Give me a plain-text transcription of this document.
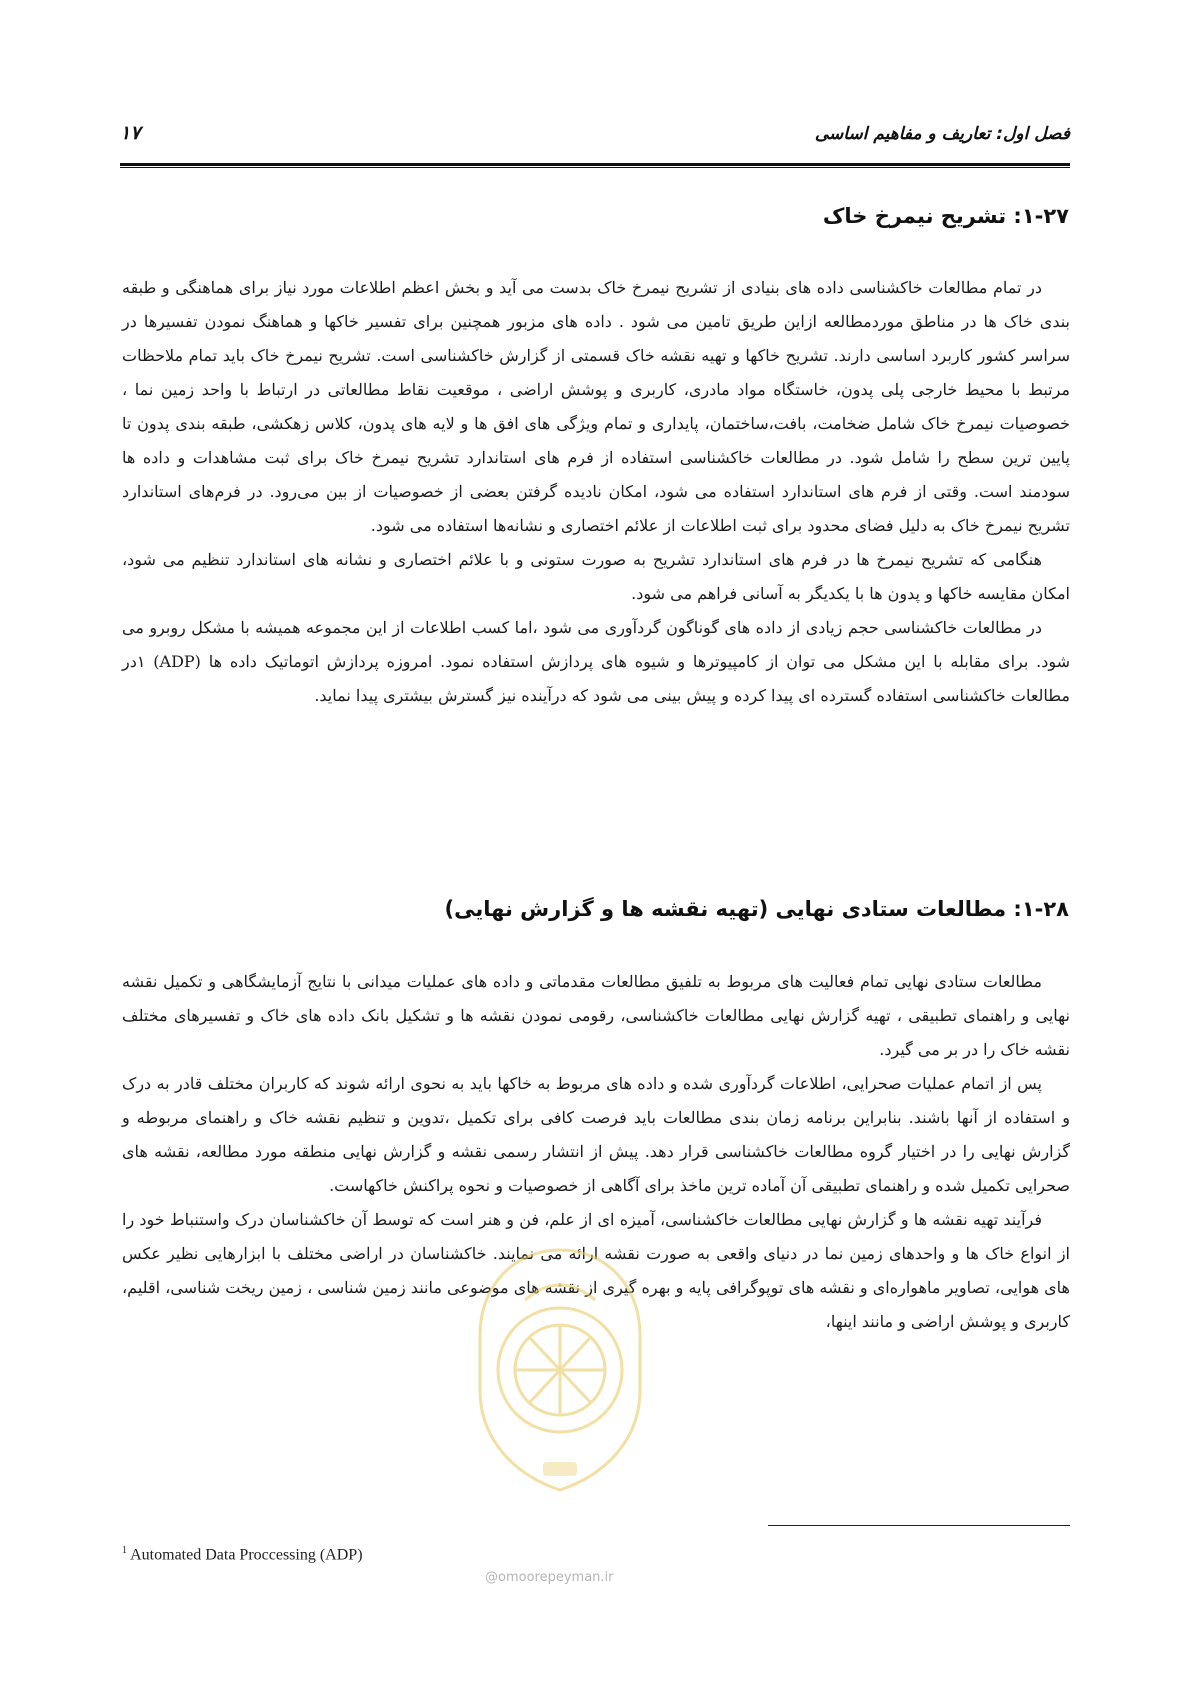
فصل اول: تعاریف و مفاهیم اساسی
۱۷
۱-۲۷: تشریح نیمرخ خاک

در تمام مطالعات خاکشناسی داده های بنیادی از تشریح نیمرخ خاک بدست می آید و بخش اعظم اطلاعات مورد نیاز برای هماهنگی و طبقه بندی خاک ها در مناطق موردمطالعه ازاین طریق تامین می شود . داده های مزبور همچنین برای تفسیر خاکها و هماهنگ نمودن تفسیرها در سراسر کشور کاربرد اساسی دارند. تشریح خاکها و تهیه نقشه خاک قسمتی از گزارش خاکشناسی است. تشریح نیمرخ خاک باید تمام ملاحظات مرتبط با محیط خارجی پلی پدون، خاستگاه مواد مادری، کاربری و پوشش اراضی ، موقعیت نقاط مطالعاتی در ارتباط با واحد زمین نما ، خصوصیات نیمرخ خاک شامل ضخامت، بافت،ساختمان، پایداری و تمام ویژگی های افق ها و لایه های پدون، کلاس زهکشی، طبقه بندی پدون تا پایین ترین سطح را شامل شود. در مطالعات خاکشناسی استفاده از فرم های استاندارد تشریح نیمرخ خاک برای ثبت مشاهدات و داده ها سودمند است. وقتی از فرم های استاندارد استفاده می شود، امکان نادیده گرفتن بعضی از خصوصیات از بین می‌رود. در فرم‌های استاندارد تشریح نیمرخ خاک به دلیل فضای محدود برای ثبت اطلاعات از علائم اختصاری و نشانه‌ها استفاده می شود.

هنگامی که تشریح نیمرخ ها در فرم های استاندارد تشریح به صورت ستونی و با علائم اختصاری و نشانه های استاندارد تنظیم می شود، امکان مقایسه خاکها و پدون ها با یکدیگر به آسانی فراهم می شود.

در مطالعات خاکشناسی حجم زیادی از داده های گوناگون گردآوری می شود ،اما کسب اطلاعات از این مجموعه همیشه با مشکل روبرو می شود. برای مقابله با این مشکل می توان از کامپیوترها و شیوه های پردازش استفاده نمود. امروزه پردازش اتوماتیک داده ها (ADP) ۱در مطالعات خاکشناسی استفاده گسترده ای پیدا کرده و پیش بینی می شود که درآینده نیز گسترش بیشتری پیدا نماید.

۱-۲۸: مطالعات ستادی نهایی (تهیه نقشه ها و گزارش نهایی)

مطالعات ستادی نهایی تمام فعالیت های مربوط به تلفیق مطالعات مقدماتی و داده های عملیات میدانی با نتایج آزمایشگاهی و تکمیل نقشه نهایی و راهنمای تطبیقی ، تهیه گزارش نهایی مطالعات خاکشناسی، رقومی نمودن نقشه ها و تشکیل بانک داده های خاک و تفسیرهای مختلف نقشه خاک را در بر می گیرد.

پس از اتمام عملیات صحرایی، اطلاعات گردآوری شده و داده های مربوط به خاکها باید به نحوی ارائه شوند که کاربران مختلف قادر به درک و استفاده از آنها باشند. بنابراین برنامه زمان بندی مطالعات باید فرصت کافی برای تکمیل ،تدوین و تنظیم نقشه خاک و راهنمای مربوطه و گزارش نهایی را در اختیار گروه مطالعات خاکشناسی قرار دهد. پیش از انتشار رسمی نقشه و گزارش نهایی منطقه مورد مطالعه، نقشه های صحرایی تکمیل شده و راهنمای تطبیقی آن آماده ترین ماخذ برای آگاهی از خصوصیات و نحوه پراکنش خاکهاست.

فرآیند تهیه نقشه ها و گزارش نهایی مطالعات خاکشناسی، آمیزه ای از علم، فن و هنر است که توسط آن خاکشناسان درک واستنباط خود را از انواع خاک ها و واحدهای زمین نما در دنیای واقعی به صورت نقشه ارائه می نمایند. خاکشناسان در اراضی مختلف با ابزارهایی نظیر عکس های هوایی، تصاویر ماهواره‌ای و نقشه های توپوگرافی پایه و بهره گیری از نقشه های موضوعی مانند زمین شناسی ، زمین ریخت شناسی، اقلیم، کاربری و پوشش اراضی و مانند اینها،

@omoorepeyman.ir
$^1$ Automated Data Proccessing (ADP)
